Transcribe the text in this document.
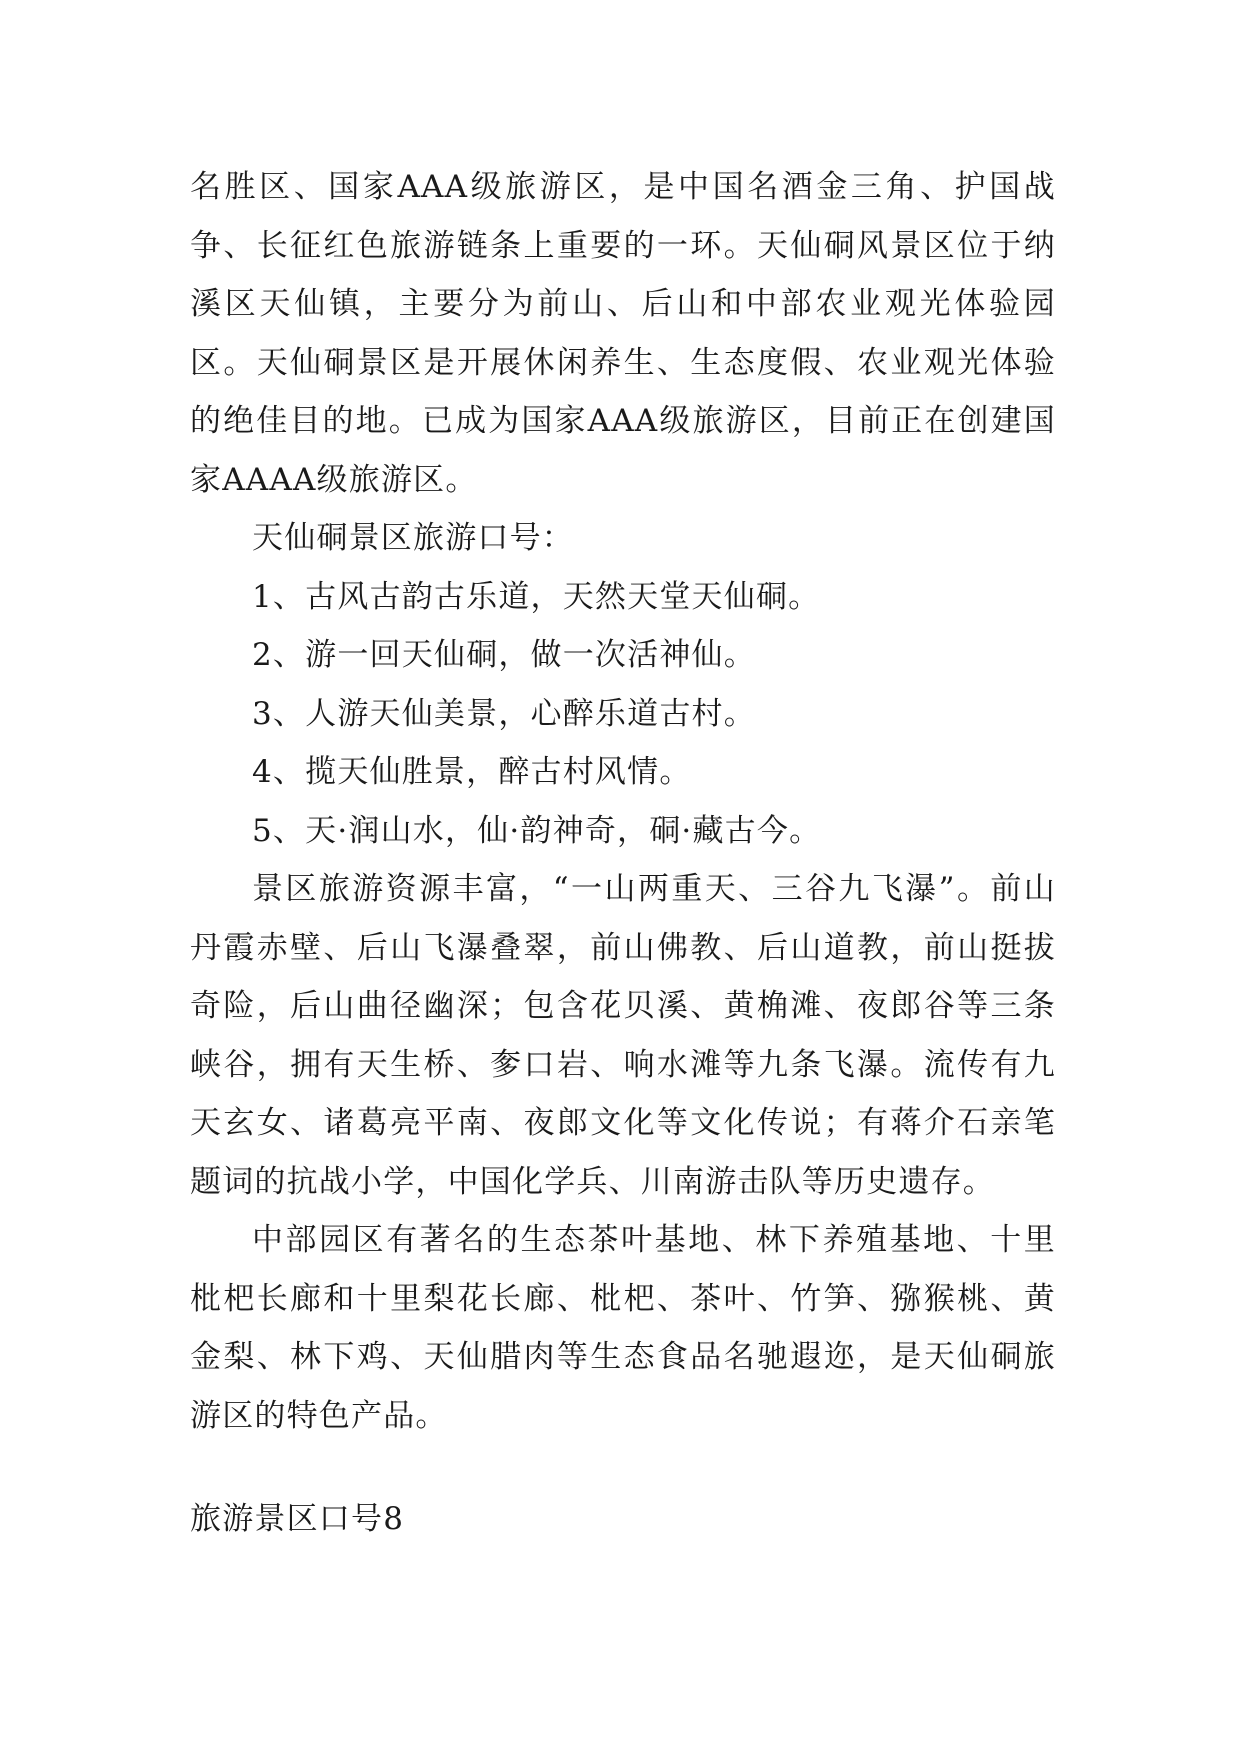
名胜区、国家AAA级旅游区，是中国名酒金三角、护国战争、长征红色旅游链条上重要的一环。天仙硐风景区位于纳溪区天仙镇，主要分为前山、后山和中部农业观光体验园区。天仙硐景区是开展休闲养生、生态度假、农业观光体验的绝佳目的地。已成为国家AAA级旅游区，目前正在创建国家AAAA级旅游区。

天仙硐景区旅游口号：

1、古风古韵古乐道，天然天堂天仙硐。

2、游一回天仙硐，做一次活神仙。

3、人游天仙美景，心醉乐道古村。

4、揽天仙胜景，醉古村风情。

5、天·润山水，仙·韵神奇，硐·藏古今。

景区旅游资源丰富，“一山两重天、三谷九飞瀑”。前山丹霞赤壁、后山飞瀑叠翠，前山佛教、后山道教，前山挺拔奇险，后山曲径幽深；包含花贝溪、黄桷滩、夜郎谷等三条峡谷，拥有天生桥、奓口岩、响水滩等九条飞瀑。流传有九天玄女、诸葛亮平南、夜郎文化等文化传说；有蒋介石亲笔题词的抗战小学，中国化学兵、川南游击队等历史遗存。

中部园区有著名的生态茶叶基地、林下养殖基地、十里枇杷长廊和十里梨花长廊、枇杷、茶叶、竹笋、猕猴桃、黄金梨、林下鸡、天仙腊肉等生态食品名驰遐迩，是天仙硐旅游区的特色产品。

旅游景区口号8
